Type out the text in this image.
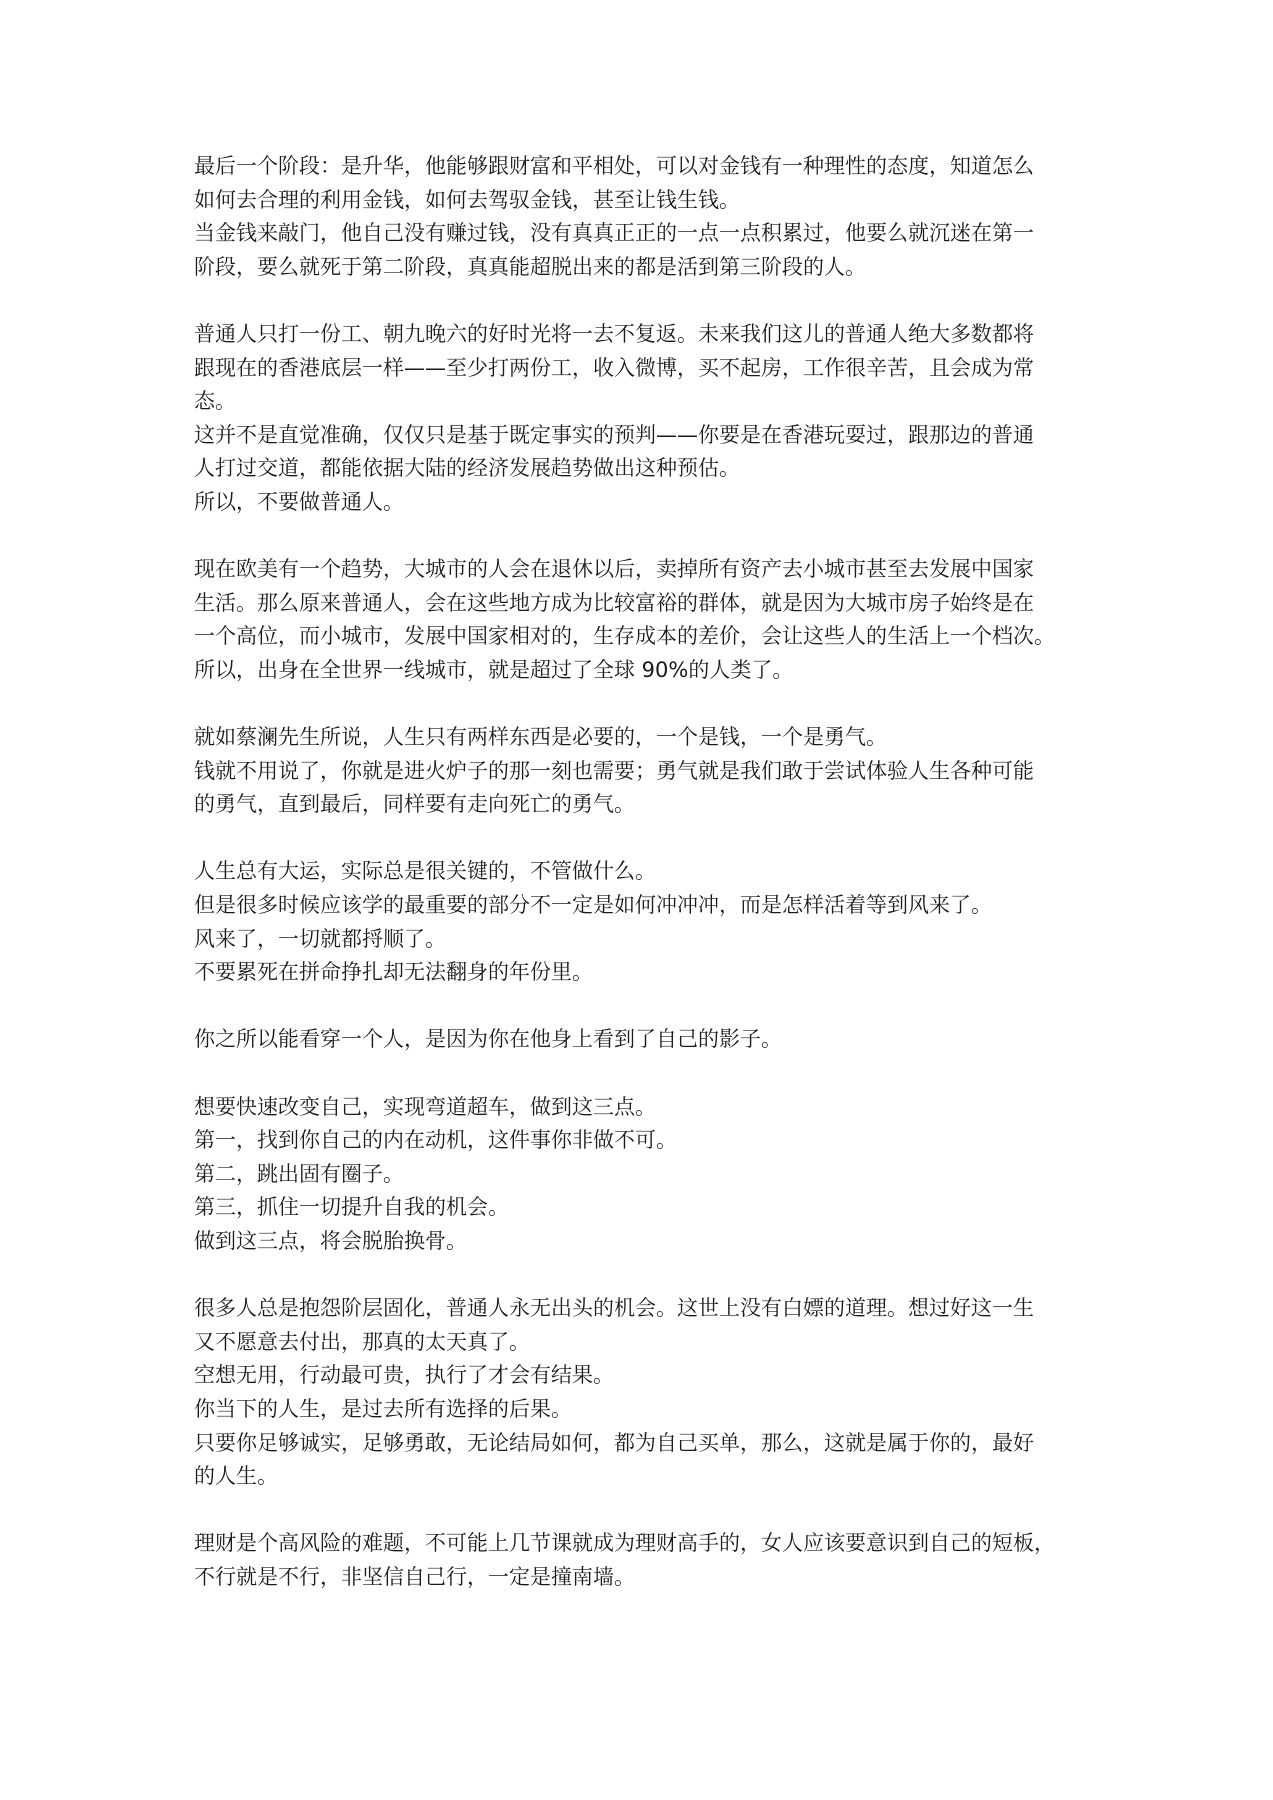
最后一个阶段：是升华，他能够跟财富和平相处，可以对金钱有一种理性的态度，知道怎么
如何去合理的利用金钱，如何去驾驭金钱，甚至让钱生钱。
当金钱来敲门，他自己没有赚过钱，没有真真正正的一点一点积累过，他要么就沉迷在第一
阶段，要么就死于第二阶段，真真能超脱出来的都是活到第三阶段的人。
普通人只打一份工、朝九晚六的好时光将一去不复返。未来我们这儿的普通人绝大多数都将
跟现在的香港底层一样——至少打两份工，收入微博，买不起房，工作很辛苦，且会成为常
态。
这并不是直觉准确，仅仅只是基于既定事实的预判——你要是在香港玩耍过，跟那边的普通
人打过交道，都能依据大陆的经济发展趋势做出这种预估。
所以，不要做普通人。
现在欧美有一个趋势，大城市的人会在退休以后，卖掉所有资产去小城市甚至去发展中国家
生活。那么原来普通人，会在这些地方成为比较富裕的群体，就是因为大城市房子始终是在
一个高位，而小城市，发展中国家相对的，生存成本的差价，会让这些人的生活上一个档次。
所以，出身在全世界一线城市，就是超过了全球 90%的人类了。
就如蔡澜先生所说，人生只有两样东西是必要的，一个是钱，一个是勇气。
钱就不用说了，你就是进火炉子的那一刻也需要；勇气就是我们敢于尝试体验人生各种可能
的勇气，直到最后，同样要有走向死亡的勇气。
人生总有大运，实际总是很关键的，不管做什么。
但是很多时候应该学的最重要的部分不一定是如何冲冲冲，而是怎样活着等到风来了。
风来了，一切就都捋顺了。
不要累死在拼命挣扎却无法翻身的年份里。
你之所以能看穿一个人，是因为你在他身上看到了自己的影子。
想要快速改变自己，实现弯道超车，做到这三点。
第一，找到你自己的内在动机，这件事你非做不可。
第二，跳出固有圈子。
第三，抓住一切提升自我的机会。
做到这三点，将会脱胎换骨。
很多人总是抱怨阶层固化，普通人永无出头的机会。这世上没有白嫖的道理。想过好这一生
又不愿意去付出，那真的太天真了。
空想无用，行动最可贵，执行了才会有结果。
你当下的人生，是过去所有选择的后果。
只要你足够诚实，足够勇敢，无论结局如何，都为自己买单，那么，这就是属于你的，最好
的人生。
理财是个高风险的难题，不可能上几节课就成为理财高手的，女人应该要意识到自己的短板，
不行就是不行，非坚信自己行，一定是撞南墙。
